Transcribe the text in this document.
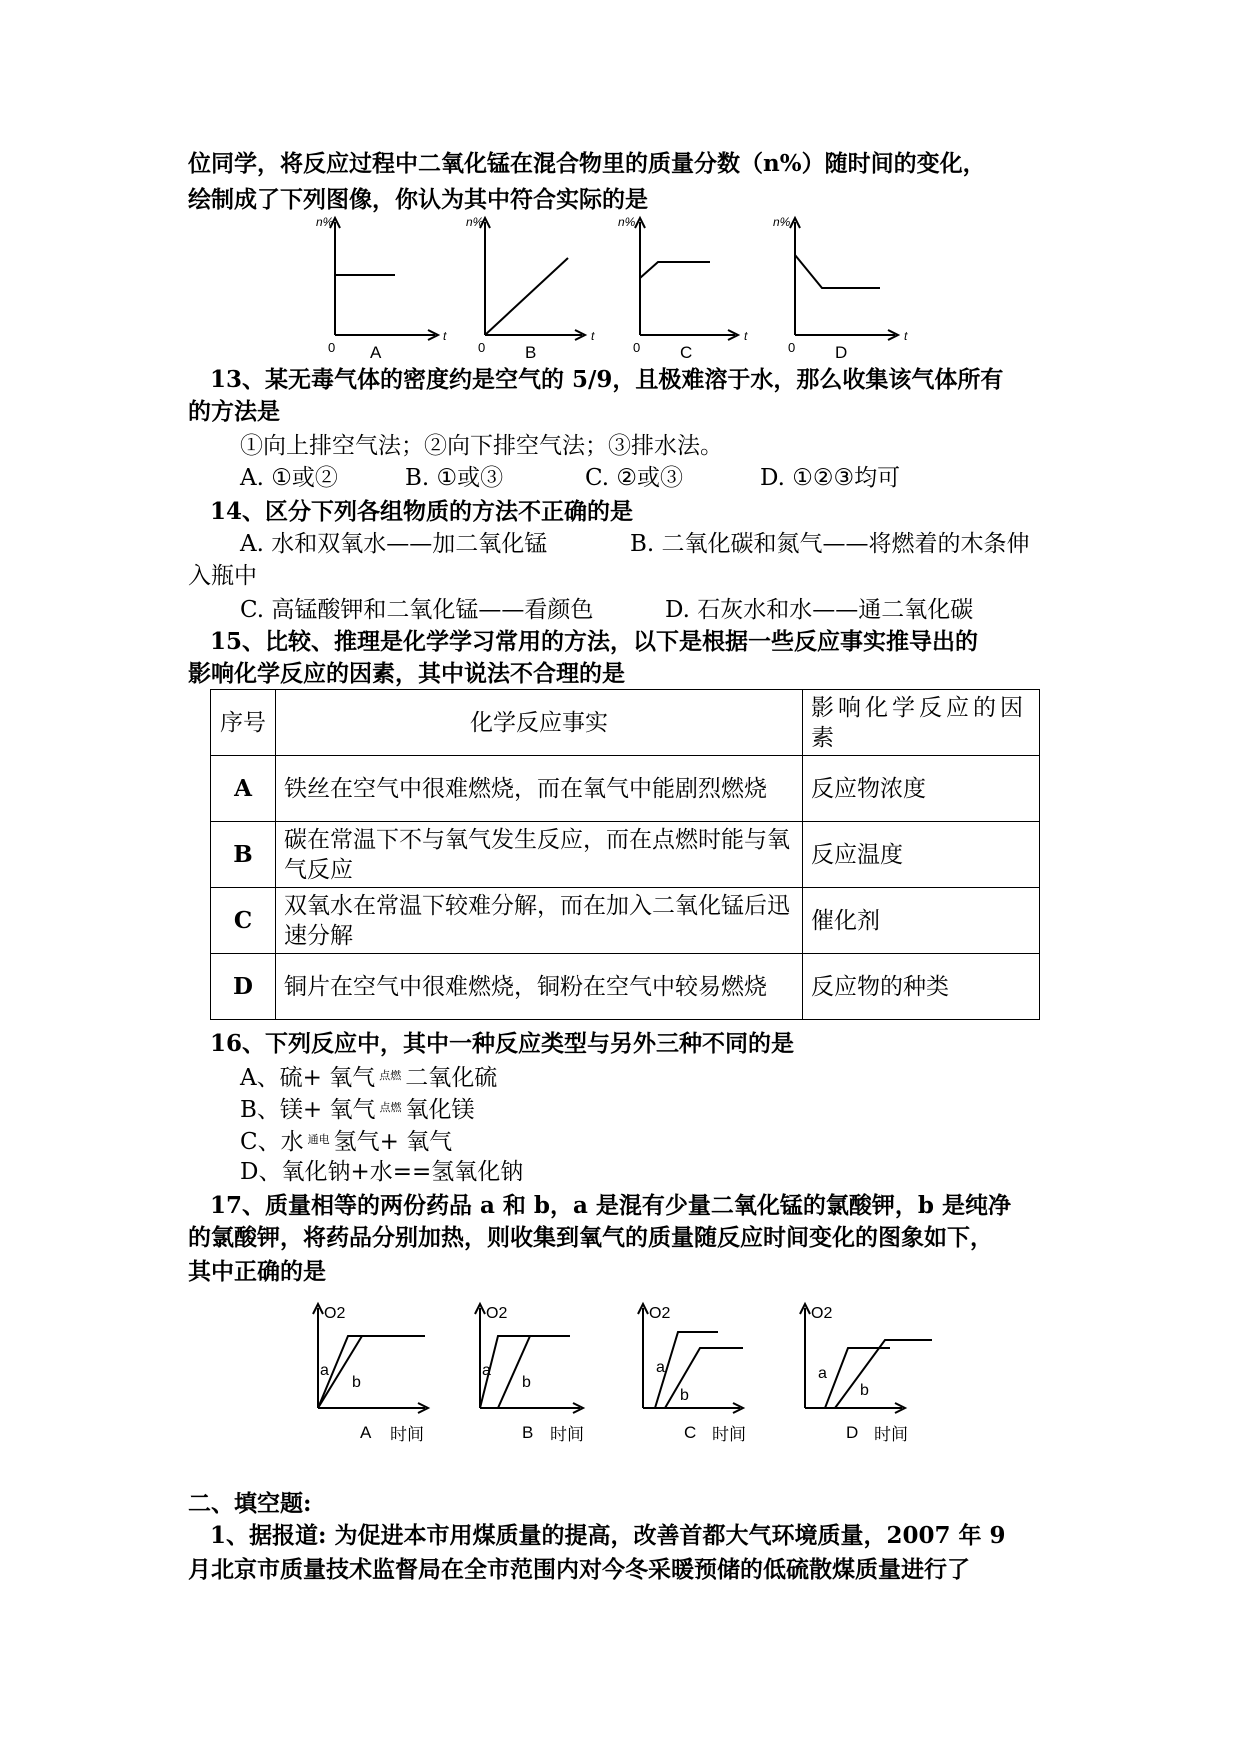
位同学，将反应过程中二氧化锰在混合物里的质量分数（n%）随时间的变化，
绘制成了下列图像，你认为其中符合实际的是
n%	n%	n%	n%
t	t	t	t
0	0	0	0
A	B	C	D
13、某无毒气体的密度约是空气的 5/9，且极难溶于水，那么收集该气体所有
的方法是
①向上排空气法；②向下排空气法；③排水法。
A. ①或②	B. ①或③	C. ②或③	D. ①②③均可
14、区分下列各组物质的方法不正确的是
A. 水和双氧水——加二氧化锰	B. 二氧化碳和氮气——将燃着的木条伸
入瓶中
C. 高锰酸钾和二氧化锰——看颜色	D. 石灰水和水——通二氧化碳
15、比较、推理是化学学习常用的方法，以下是根据一些反应事实推导出的
影响化学反应的因素，其中说法不合理的是
序号	化学反应事实	影响化学反应的因素
A	铁丝在空气中很难燃烧，而在氧气中能剧烈燃烧	反应物浓度
B	碳在常温下不与氧气发生反应，而在点燃时能与氧气反应	反应温度
C	双氧水在常温下较难分解，而在加入二氧化锰后迅速分解	催化剂
D	铜片在空气中很难燃烧，铜粉在空气中较易燃烧	反应物的种类
16、下列反应中，其中一种反应类型与另外三种不同的是
A、硫+ 氧气 $^{点燃}$ 二氧化硫
B、镁+ 氧气 $^{点燃}$ 氧化镁
C、水 $^{通电}$ 氢气+ 氧气
D、氧化钠+水==氢氧化钠
17、质量相等的两份药品 a 和 b，a 是混有少量二氧化锰的氯酸钾，b 是纯净
的氯酸钾，将药品分别加热，则收集到氧气的质量随反应时间变化的图象如下，
其中正确的是
O2	O2	O2	O2
a
b
a
b
a
b
a
b
A 时间	B 时间	C 时间	D 时间
二、填空题:
1、据报道: 为促进本市用煤质量的提高，改善首都大气环境质量，2007 年 9
月北京市质量技术监督局在全市范围内对今冬采暖预储的低硫散煤质量进行了
